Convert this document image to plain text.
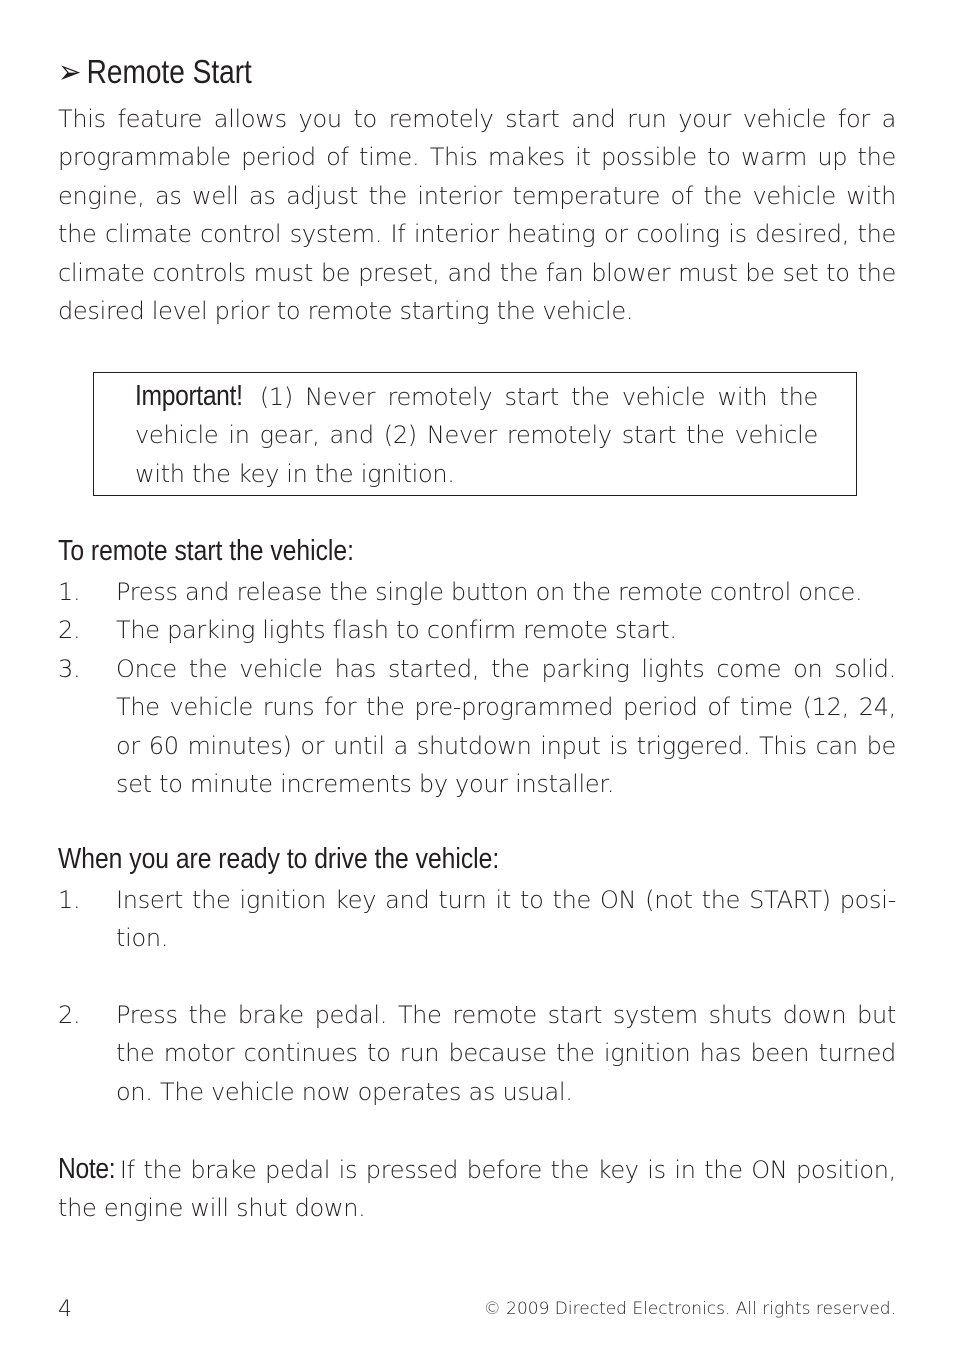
➢ Remote Start
This feature allows you to remotely start and run your vehicle for a programmable period of time. This makes it possible to warm up the engine, as well as adjust the interior temperature of the vehicle with the climate control system. If interior heating or cooling is desired, the climate controls must be preset, and the fan blower must be set to the desired level prior to remote starting the vehicle.
Important! (1) Never remotely start the vehicle with the vehicle in gear, and (2) Never remotely start the vehicle with the key in the ignition.
To remote start the vehicle:
1. Press and release the single button on the remote control once.
2. The parking lights flash to confirm remote start.
3. Once the vehicle has started, the parking lights come on solid. The vehicle runs for the pre-programmed period of time (12, 24, or 60 minutes) or until a shutdown input is triggered. This can be set to minute increments by your installer.
When you are ready to drive the vehicle:
1. Insert the ignition key and turn it to the ON (not the START) posi- tion.
2. Press the brake pedal. The remote start system shuts down but the motor continues to run because the ignition has been turned on. The vehicle now operates as usual.
Note: If the brake pedal is pressed before the key is in the ON position, the engine will shut down.
4	© 2009 Directed Electronics. All rights reserved.
